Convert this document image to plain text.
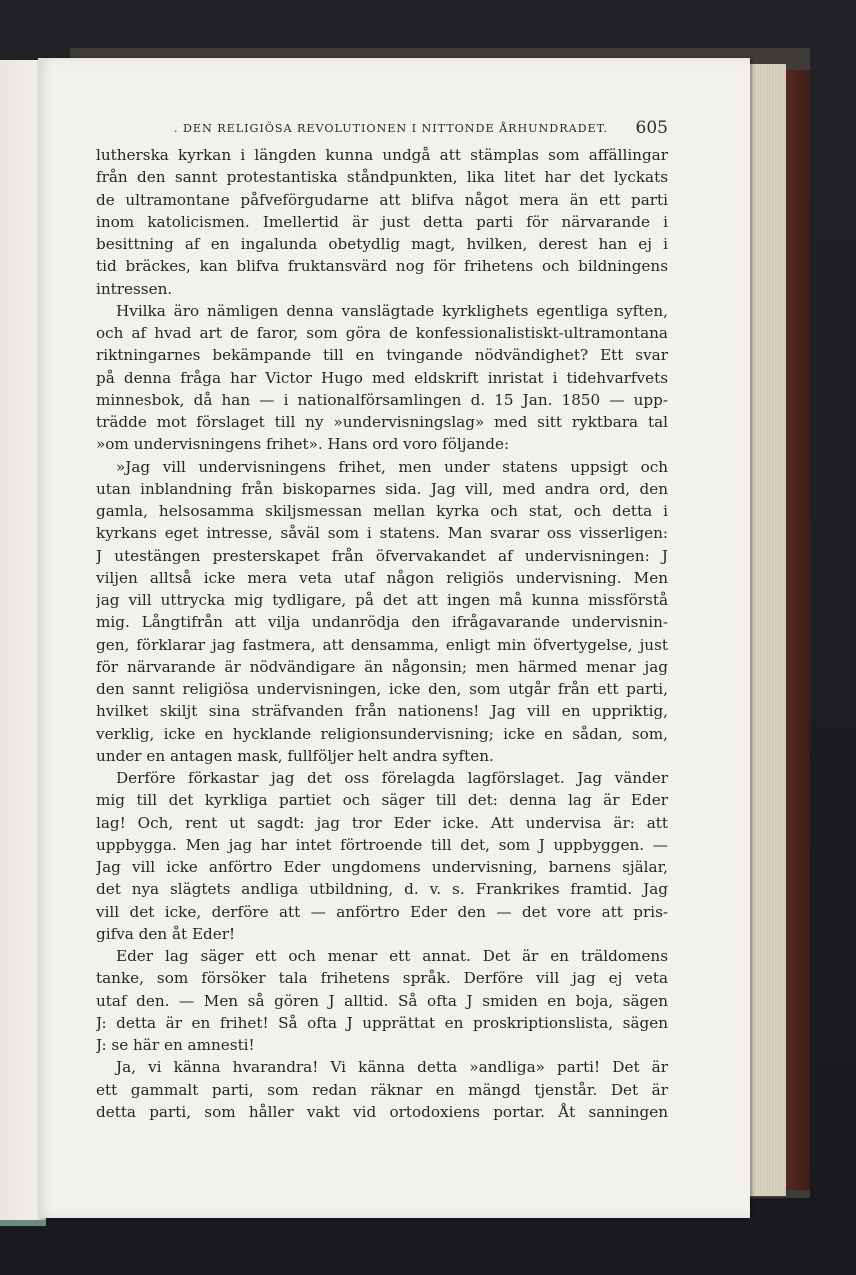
. DEN RELIGIÖSA REVOLUTIONEN I NITTONDE ÅRHUNDRADET. 605
lutherska kyrkan i längden kunna undgå att stämplas som affällingar
från den sannt protestantiska ståndpunkten, lika litet har det lyckats
de ultramontane påfveförgudarne att blifva något mera än ett parti
inom katolicismen. Imellertid är just detta parti för närvarande i
besittning af en ingalunda obetydlig magt, hvilken, derest han ej i
tid bräckes, kan blifva fruktansvärd nog för frihetens och bildningens
intressen.
Hvilka äro nämligen denna vanslägtade kyrklighets egentliga syften,
och af hvad art de faror, som göra de konfessionalistiskt-ultramontana
riktningarnes bekämpande till en tvingande nödvändighet? Ett svar
på denna fråga har Victor Hugo med eldskrift inristat i tidehvarfvets
minnesbok, då han — i nationalförsamlingen d. 15 Jan. 1850 — upp-
trädde mot förslaget till ny »undervisningslag» med sitt ryktbara tal
»om undervisningens frihet». Hans ord voro följande:
»Jag vill undervisningens frihet, men under statens uppsigt och
utan inblandning från biskoparnes sida. Jag vill, med andra ord, den
gamla, helsosamma skiljsmessan mellan kyrka och stat, och detta i
kyrkans eget intresse, såväl som i statens. Man svarar oss visserligen:
J utestängen presterskapet från öfvervakandet af undervisningen: J
viljen alltså icke mera veta utaf någon religiös undervisning. Men
jag vill uttrycka mig tydligare, på det att ingen må kunna missförstå
mig. Långtifrån att vilja undanrödja den ifrågavarande undervisnin-
gen, förklarar jag fastmera, att densamma, enligt min öfvertygelse, just
för närvarande är nödvändigare än någonsin; men härmed menar jag
den sannt religiösa undervisningen, icke den, som utgår från ett parti,
hvilket skiljt sina sträfvanden från nationens! Jag vill en uppriktig,
verklig, icke en hycklande religionsundervisning; icke en sådan, som,
under en antagen mask, fullföljer helt andra syften.
Derföre förkastar jag det oss förelagda lagförslaget. Jag vänder
mig till det kyrkliga partiet och säger till det: denna lag är Eder
lag! Och, rent ut sagdt: jag tror Eder icke. Att undervisa är: att
uppbygga. Men jag har intet förtroende till det, som J uppbyggen. —
Jag vill icke anförtro Eder ungdomens undervisning, barnens själar,
det nya slägtets andliga utbildning, d. v. s. Frankrikes framtid. Jag
vill det icke, derföre att — anförtro Eder den — det vore att pris-
gifva den åt Eder!
Eder lag säger ett och menar ett annat. Det är en träldomens
tanke, som försöker tala frihetens språk. Derföre vill jag ej veta
utaf den. — Men så gören J alltid. Så ofta J smiden en boja, sägen
J: detta är en frihet! Så ofta J upprättat en proskriptionslista, sägen
J: se här en amnesti!
Ja, vi känna hvarandra! Vi känna detta »andliga» parti! Det är
ett gammalt parti, som redan räknar en mängd tjenstår. Det är
detta parti, som håller vakt vid ortodoxiens portar. Åt sanningen
